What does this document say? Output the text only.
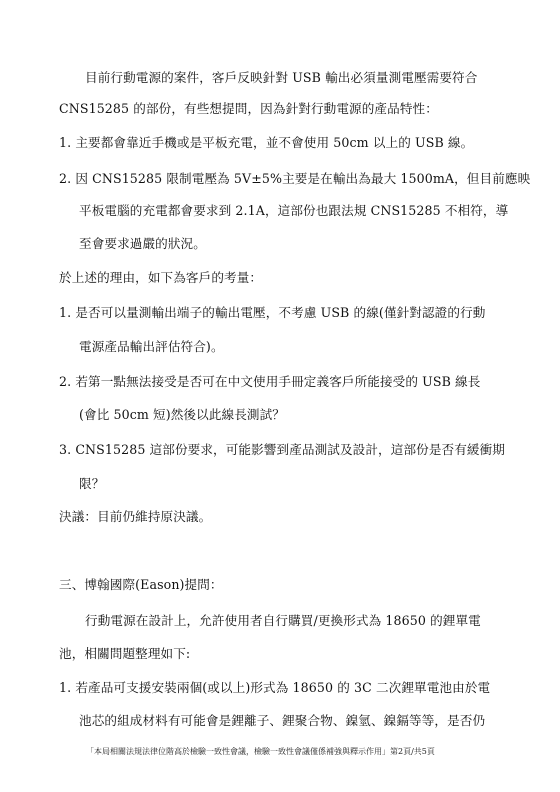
目前行動電源的案件，客戶反映針對 USB 輸出必須量測電壓需要符合
CNS15285 的部份，有些想提問，因為針對行動電源的產品特性：
1. 主要都會靠近手機或是平板充電，並不會使用 50cm 以上的 USB 線。
2. 因 CNS15285 限制電壓為 5V±5%主要是在輸出為最大 1500mA，但目前應映
平板電腦的充電都會要求到 2.1A，這部份也跟法規 CNS15285 不相符，導
至會要求過嚴的狀況。
於上述的理由，如下為客戶的考量：
1. 是否可以量測輸出端子的輸出電壓，不考慮 USB 的線(僅針對認證的行動
電源產品輸出評估符合)。
2. 若第一點無法接受是否可在中文使用手冊定義客戶所能接受的 USB 線長
(會比 50cm 短)然後以此線長測試？
3. CNS15285 這部份要求，可能影響到產品測試及設計，這部份是否有緩衝期
限？
決議：目前仍維持原決議。
三、博翰國際(Eason)提問：
行動電源在設計上，允許使用者自行購買/更換形式為 18650 的鋰單電
池，相關問題整理如下:
1. 若產品可支援安裝兩個(或以上)形式為 18650 的 3C 二次鋰單電池由於電
池芯的組成材料有可能會是鋰離子、鋰聚合物、鎳氫、鎳鎘等等，是否仍
「本局相關法規法律位階高於檢驗一致性會議，檢驗一致性會議僅係補強與釋示作用」第2頁/共5頁
